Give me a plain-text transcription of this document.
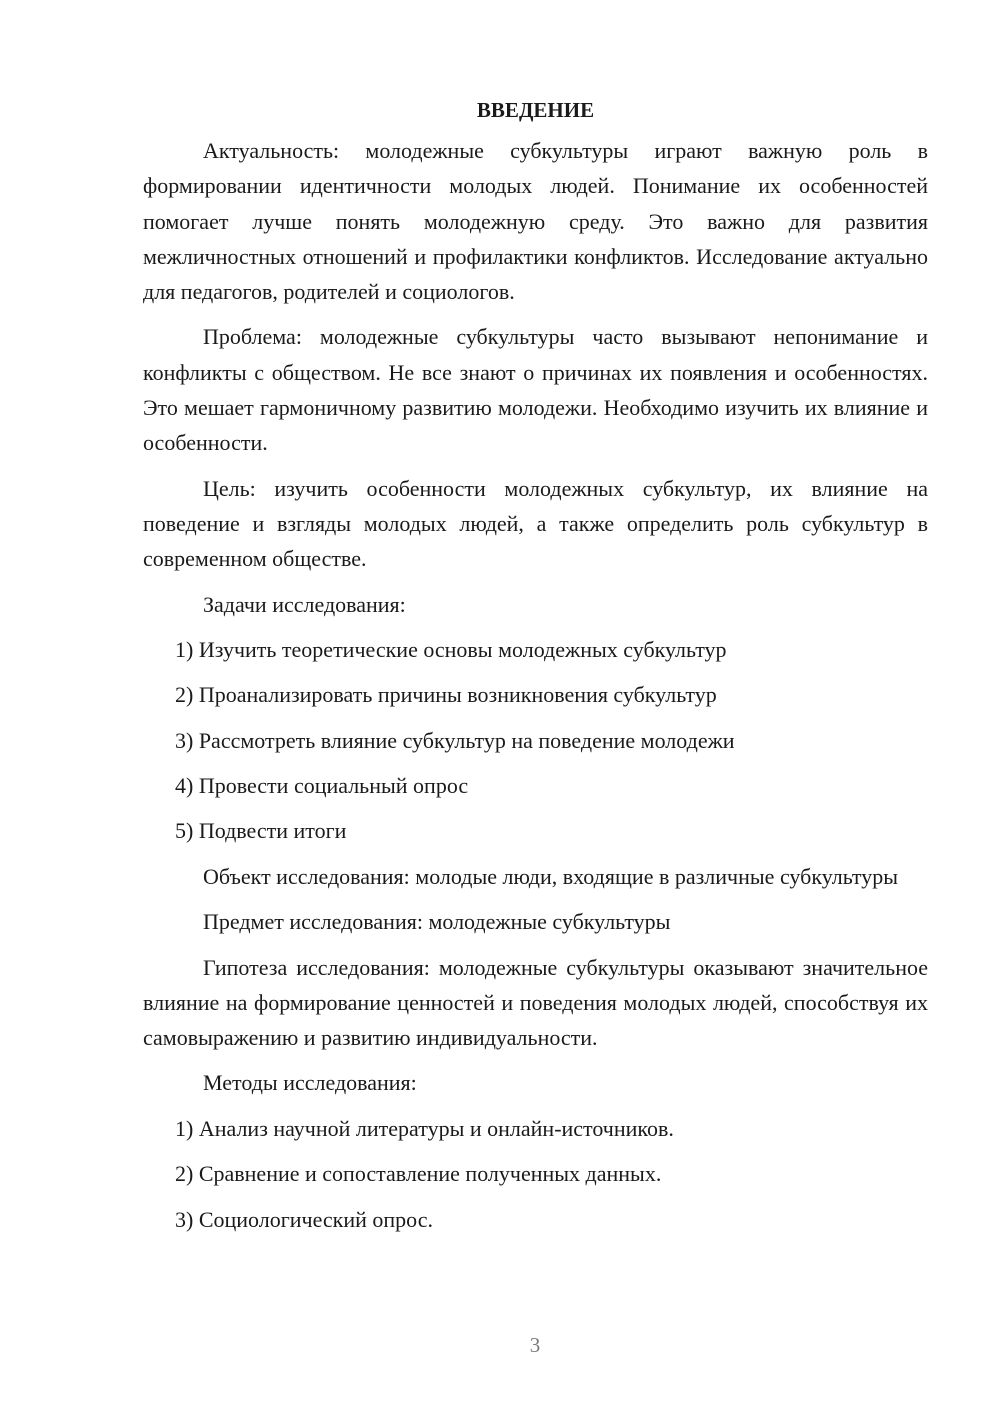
ВВЕДЕНИЕ

Актуальность: молодежные субкультуры играют важную роль в формировании идентичности молодых людей. Понимание их особенностей помогает лучше понять молодежную среду. Это важно для развития межличностных отношений и профилактики конфликтов. Исследование актуально для педагогов, родителей и социологов.

Проблема: молодежные субкультуры часто вызывают непонимание и конфликты с обществом. Не все знают о причинах их появления и особенностях. Это мешает гармоничному развитию молодежи. Необходимо изучить их влияние и особенности.

Цель: изучить особенности молодежных субкультур, их влияние на поведение и взгляды молодых людей, а также определить роль субкультур в современном обществе.

Задачи исследования:

1) Изучить теоретические основы молодежных субкультур
2) Проанализировать причины возникновения субкультур
3) Рассмотреть влияние субкультур на поведение молодежи
4) Провести социальный опрос
5) Подвести итоги

Объект исследования: молодые люди, входящие в различные субкультуры

Предмет исследования: молодежные субкультуры

Гипотеза исследования: молодежные субкультуры оказывают значительное влияние на формирование ценностей и поведения молодых людей, способствуя их самовыражению и развитию индивидуальности.

Методы исследования:

1) Анализ научной литературы и онлайн-источников.
2) Сравнение и сопоставление полученных данных.
3) Социологический опрос.
3
